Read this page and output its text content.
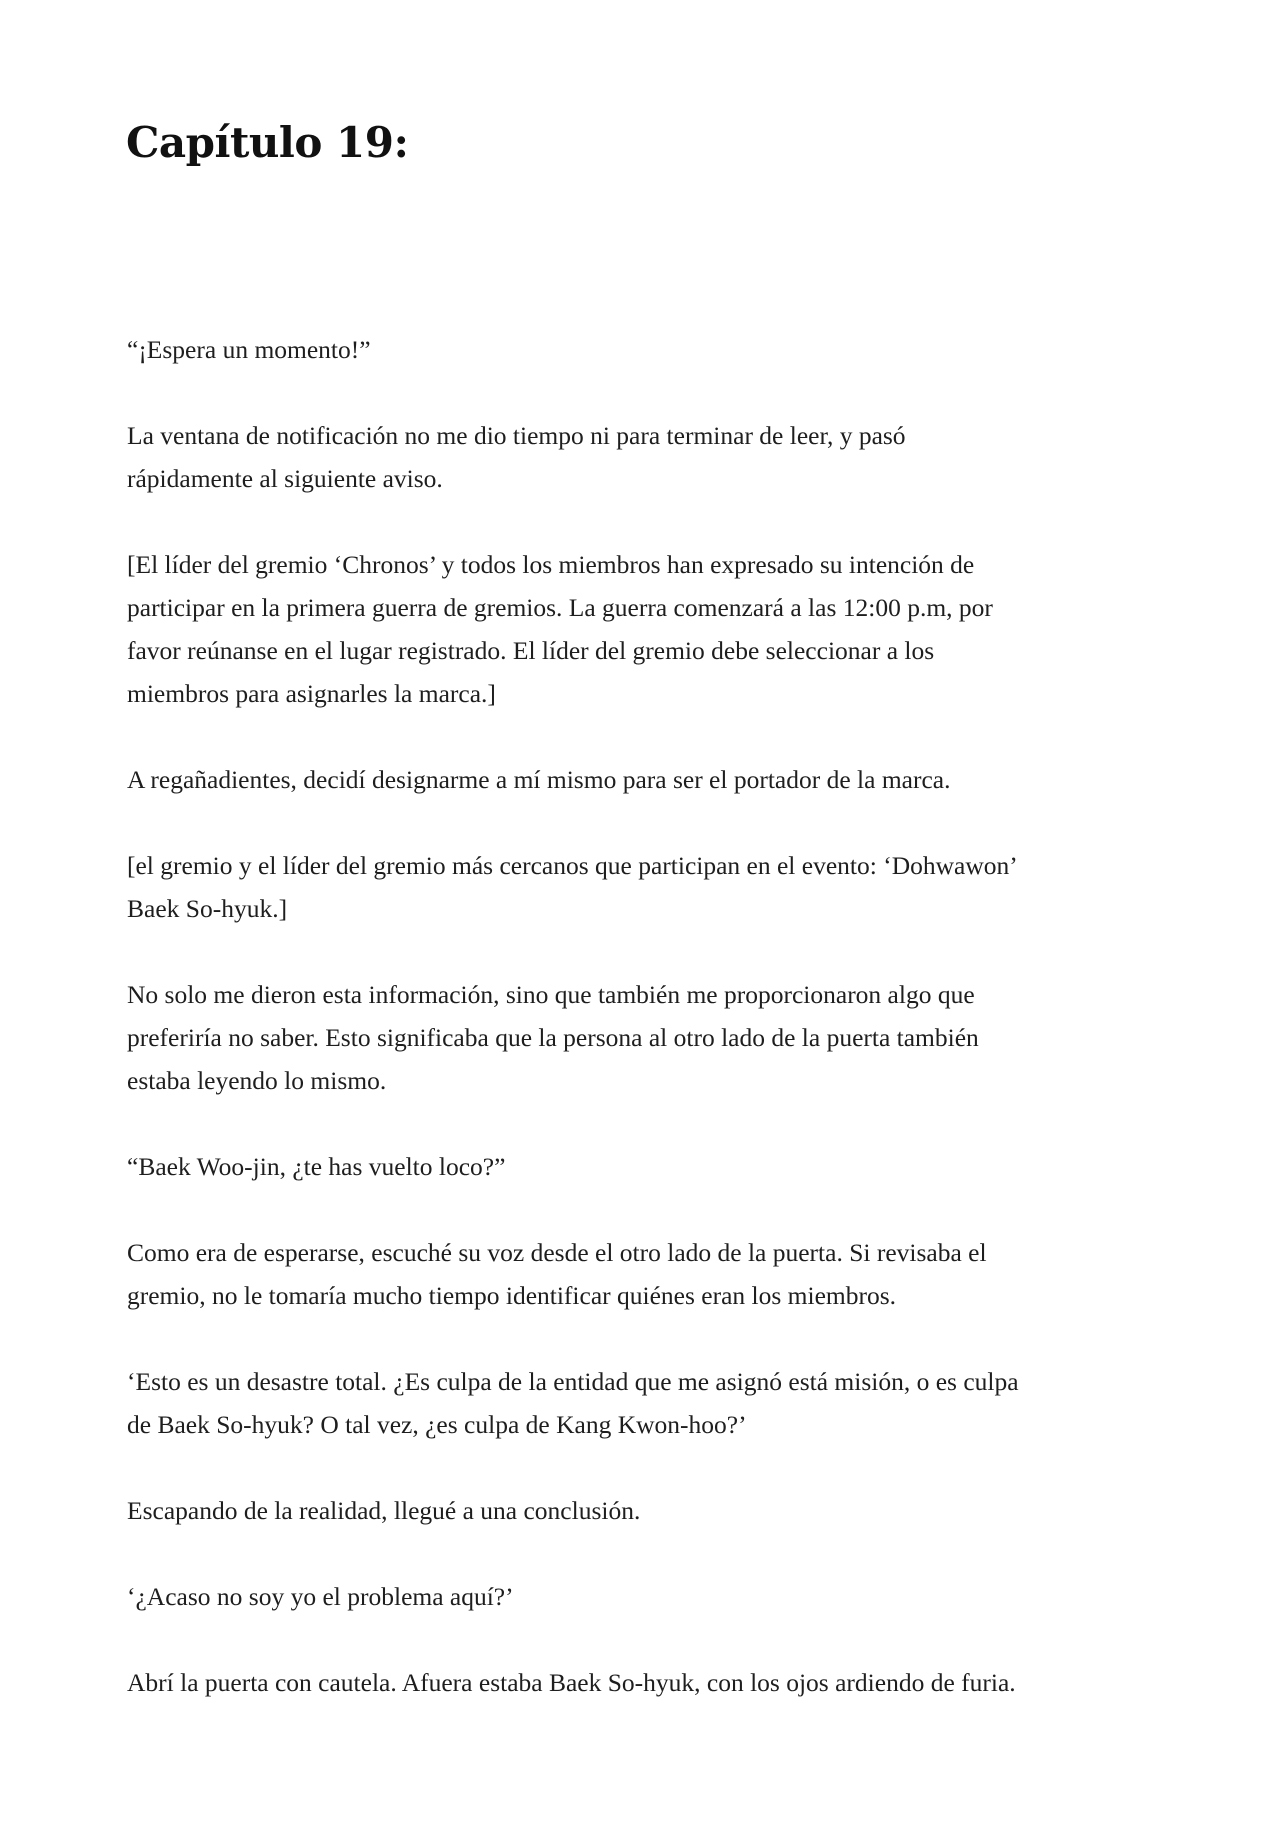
Capítulo 19:

“¡Espera un momento!”

La ventana de notificación no me dio tiempo ni para terminar de leer, y pasó
rápidamente al siguiente aviso.

[El líder del gremio ‘Chronos’ y todos los miembros han expresado su intención de
participar en la primera guerra de gremios. La guerra comenzará a las 12:00 p.m, por
favor reúnanse en el lugar registrado. El líder del gremio debe seleccionar a los
miembros para asignarles la marca.]

A regañadientes, decidí designarme a mí mismo para ser el portador de la marca.

[el gremio y el líder del gremio más cercanos que participan en el evento: ‘Dohwawon’
Baek So-hyuk.]

No solo me dieron esta información, sino que también me proporcionaron algo que
preferiría no saber. Esto significaba que la persona al otro lado de la puerta también
estaba leyendo lo mismo.

“Baek Woo-jin, ¿te has vuelto loco?”

Como era de esperarse, escuché su voz desde el otro lado de la puerta. Si revisaba el
gremio, no le tomaría mucho tiempo identificar quiénes eran los miembros.

‘Esto es un desastre total. ¿Es culpa de la entidad que me asignó está misión, o es culpa
de Baek So-hyuk? O tal vez, ¿es culpa de Kang Kwon-hoo?’

Escapando de la realidad, llegué a una conclusión.

‘¿Acaso no soy yo el problema aquí?’

Abrí la puerta con cautela. Afuera estaba Baek So-hyuk, con los ojos ardiendo de furia.
